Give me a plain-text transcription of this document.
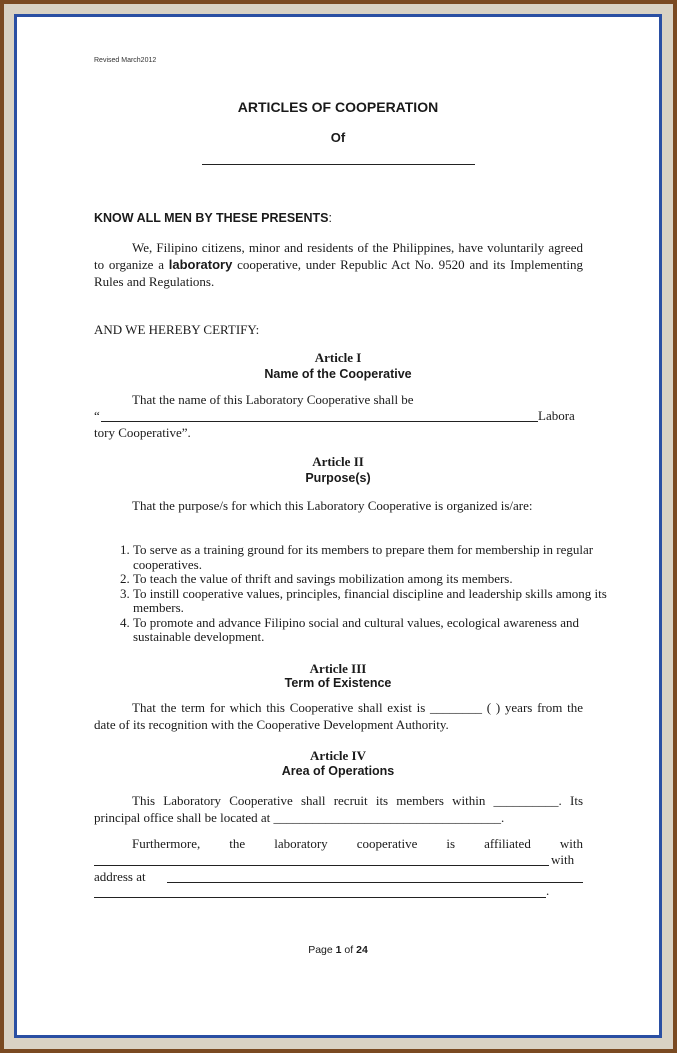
Revised March2012
ARTICLES OF COOPERATION
Of
KNOW ALL MEN BY THESE PRESENTS:
We, Filipino citizens, minor and residents of the Philippines, have voluntarily agreed to organize a laboratory cooperative, under Republic Act No. 9520 and its Implementing Rules and Regulations.
AND WE HEREBY CERTIFY:
Article I
Name of the Cooperative
That the name of this Laboratory Cooperative shall be
“	Labora
tory Cooperative”.
Article II
Purpose(s)
That the purpose/s for which this Laboratory Cooperative is organized is/are:
1. To serve as a training ground for its members to prepare them for membership in regular cooperatives.
2. To teach the value of thrift and savings mobilization among its members.
3. To instill cooperative values, principles, financial discipline and leadership skills among its members.
4. To promote and advance Filipino social and cultural values, ecological awareness and sustainable development.
Article III
Term of Existence
That the term for which this Cooperative shall exist is ________ ( ) years from the date of its recognition with the Cooperative Development Authority.
Article IV
Area of Operations
This Laboratory Cooperative shall recruit its members within __________. Its principal office shall be located at ___________________________________.
Furthermore, the laboratory cooperative is affiliated with
with
address at
.
Page 1 of 24
